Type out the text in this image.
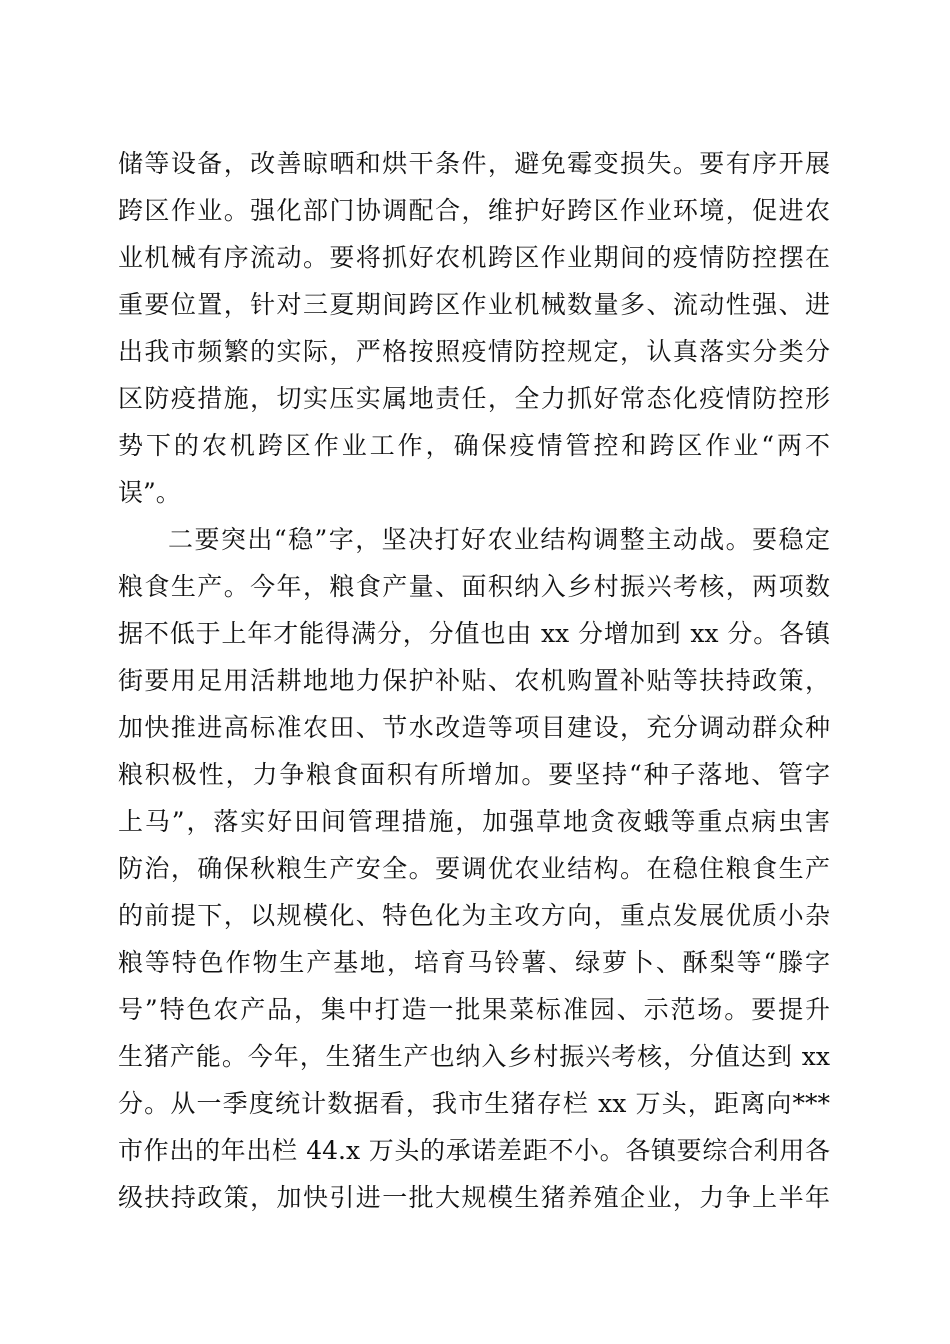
储等设备，改善晾晒和烘干条件，避免霉变损失。要有序开展
跨区作业。强化部门协调配合，维护好跨区作业环境，促进农
业机械有序流动。要将抓好农机跨区作业期间的疫情防控摆在
重要位置，针对三夏期间跨区作业机械数量多、流动性强、进
出我市频繁的实际，严格按照疫情防控规定，认真落实分类分
区防疫措施，切实压实属地责任，全力抓好常态化疫情防控形
势下的农机跨区作业工作，确保疫情管控和跨区作业“两不
误”。
二要突出“稳”字，坚决打好农业结构调整主动战。要稳定
粮食生产。今年，粮食产量、面积纳入乡村振兴考核，两项数
据不低于上年才能得满分，分值也由 xx 分增加到 xx 分。各镇
街要用足用活耕地地力保护补贴、农机购置补贴等扶持政策，
加快推进高标准农田、节水改造等项目建设，充分调动群众种
粮积极性，力争粮食面积有所增加。要坚持“种子落地、管字
上马”，落实好田间管理措施，加强草地贪夜蛾等重点病虫害
防治，确保秋粮生产安全。要调优农业结构。在稳住粮食生产
的前提下，以规模化、特色化为主攻方向，重点发展优质小杂
粮等特色作物生产基地，培育马铃薯、绿萝卜、酥梨等“滕字
号”特色农产品，集中打造一批果菜标准园、示范场。要提升
生猪产能。今年，生猪生产也纳入乡村振兴考核，分值达到 xx
分。从一季度统计数据看，我市生猪存栏 xx 万头，距离向***
市作出的年出栏 44.x 万头的承诺差距不小。各镇要综合利用各
级扶持政策，加快引进一批大规模生猪养殖企业，力争上半年
